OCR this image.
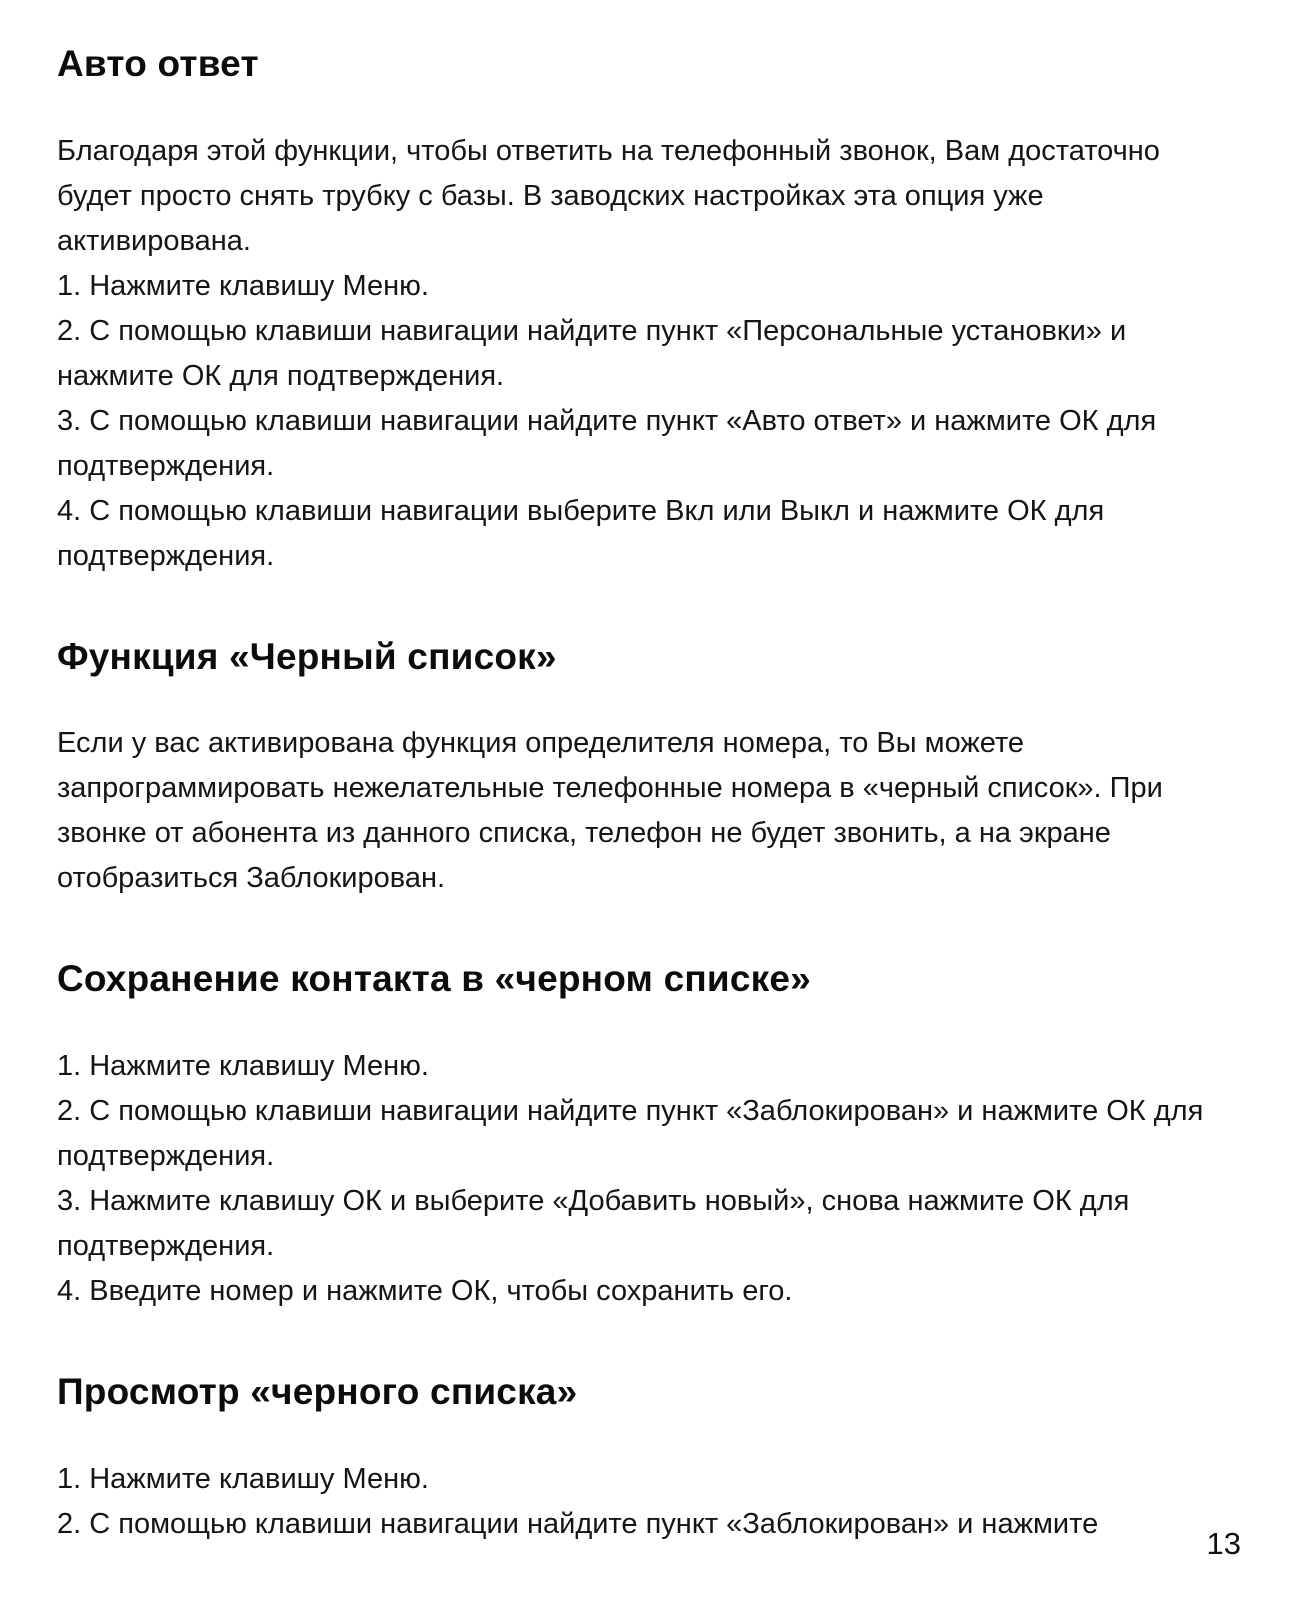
Авто ответ

Благодаря этой функции, чтобы ответить на телефонный звонок, Вам достаточно будет просто снять трубку с базы. В заводских настройках эта опция уже активирована.

1. Нажмите клавишу Меню.

2. С помощью клавиши навигации найдите пункт «Персональные установки» и нажмите ОК для подтверждения.

3. С помощью клавиши навигации найдите пункт «Авто ответ» и нажмите ОК для подтверждения.

4. С помощью клавиши навигации выберите Вкл или Выкл и нажмите ОК для подтверждения.

Функция «Черный список»

Если у вас активирована функция определителя номера, то Вы можете запрограммировать нежелательные телефонные номера в «черный список». При звонке от абонента из данного списка, телефон не будет звонить, а на экране отобразиться Заблокирован.

Сохранение контакта в «черном списке»

1. Нажмите клавишу Меню.

2. С помощью клавиши навигации найдите пункт «Заблокирован» и нажмите ОК для подтверждения.

3. Нажмите клавишу ОК и выберите «Добавить новый», снова нажмите ОК для подтверждения.

4. Введите номер и нажмите ОК, чтобы сохранить его.

Просмотр «черного списка»

1. Нажмите клавишу Меню.

2. С помощью клавиши навигации найдите пункт «Заблокирован» и нажмите

13
